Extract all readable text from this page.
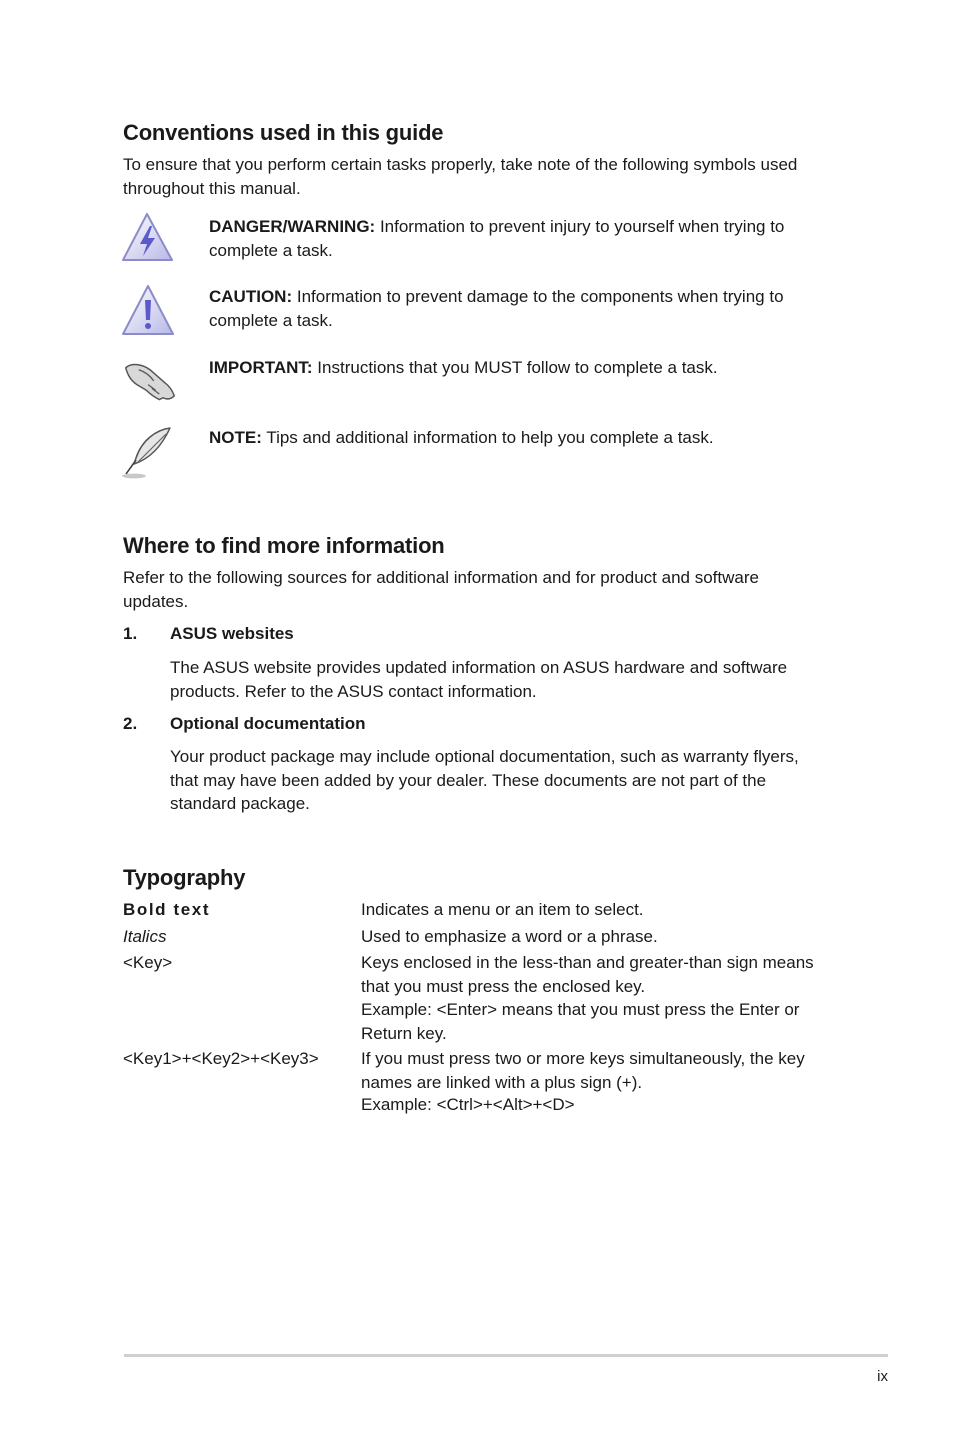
Conventions used in this guide

To ensure that you perform certain tasks properly, take note of the following symbols used throughout this manual.

DANGER/WARNING: Information to prevent injury to yourself when trying to complete a task.
CAUTION: Information to prevent damage to the components when trying to complete a task.
IMPORTANT: Instructions that you MUST follow to complete a task.
NOTE: Tips and additional information to help you complete a task.
Where to find more information

Refer to the following sources for additional information and for product and software updates.

1. ASUS websites

The ASUS website provides updated information on ASUS hardware and software products. Refer to the ASUS contact information.

2. Optional documentation

Your product package may include optional documentation, such as warranty flyers, that may have been added by your dealer. These documents are not part of the standard package.

Typography
Bold text	Indicates a menu or an item to select.

Italics	Used to emphasize a word or a phrase.

<Key>	Keys enclosed in the less-than and greater-than sign means that you must press the enclosed key.

Example: <Enter> means that you must press the Enter or Return key.

<Key1>+<Key2>+<Key3> If you must press two or more keys simultaneously, the key names are linked with a plus sign (+).

Example: <Ctrl>+<Alt>+<D>

ix
